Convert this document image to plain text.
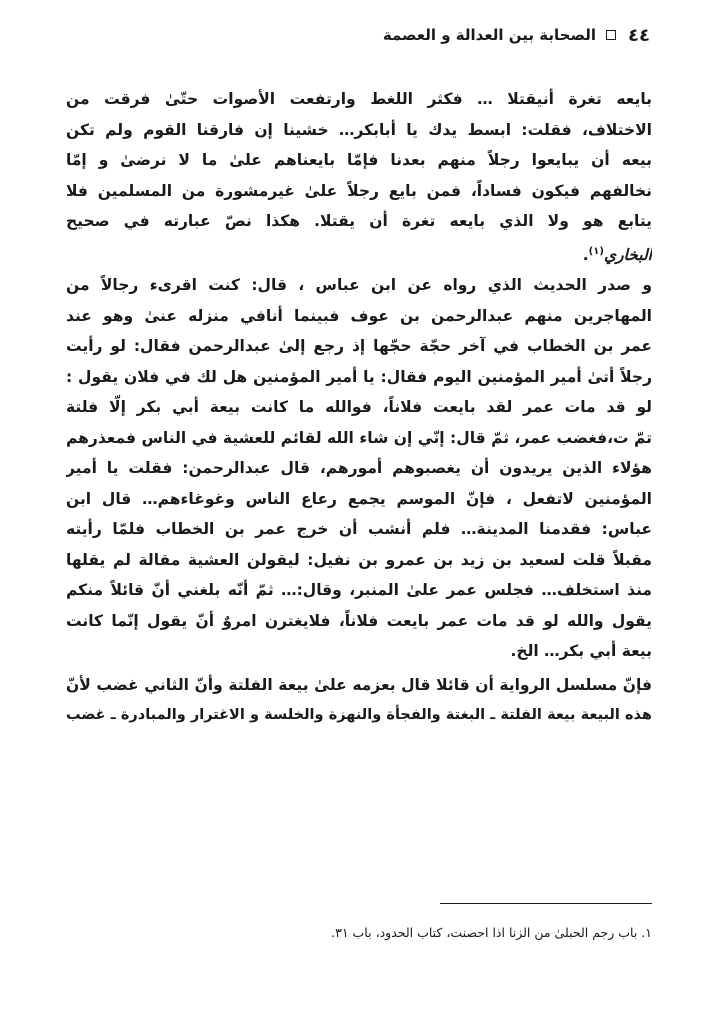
٤٤
الصحابة بين العدالة و العصمة
بايعه تغرة أنيقتلا … فكثر اللغط وارتفعت الأصوات حتّیٰ فرقت من
الاختلاف، فقلت: ابسط يدك يا أبابكر… خشينا إن فارقنا القوم ولم تكن
بيعه أن يبايعوا رجلاً منهم بعدنا فإمّا بايعناهم علیٰ ما لا نرضیٰ و إمّا
نخالفهم فيكون فساداً، فمن بايع رجلاً علیٰ غيرمشورة من المسلمين فلا
يتابع هو ولا الذي بايعه تغرة أن يقتلا. هكذا نصّ عبارته في صحيح
البخاري$^{(١)}$.
و صدر الحديث الذي رواه عن ابن عباس ، قال: كنت اقرىء رجالاً من
المهاجرين منهم عبدالرحمن بن عوف فبينما أنافي منزله عنیٰ وهو عند
عمر بن الخطاب في آخر حجّة حجّها إذ رجع إلیٰ عبدالرحمن فقال: لو رأيت
رجلاً أتیٰ أمير المؤمنين اليوم فقال: يا أمير المؤمنين هل لك في فلان يقول :
لو قد مات عمر لقد بايعت فلاناً، فوالله ما كانت بيعة أبي بكر إلّا فلتة
تمّ ت،فغضب عمر، ثمّ قال: إنّي إن شاء الله لقائم للعشية في الناس فمعذرهم
هؤلاء الذين يريدون أن يغصبوهم أمورهم، قال عبدالرحمن: فقلت يا أمير
المؤمنين لاتفعل ، فإنّ الموسم يجمع رعاع الناس وغوغاءهم… قال ابن
عباس: فقدمنا المدينة… فلم أنشب أن خرج عمر بن الخطاب فلمّا رأيته
مقبلاً قلت لسعيد بن زيد بن عمرو بن نفيل: ليقولن العشية مقالة لم يقلها
منذ استخلف… فجلس عمر علیٰ المنبر، وقال:… ثمّ أنّه بلغني أنّ قائلاً منكم
يقول والله لو قد مات عمر بايعت فلاناً، فلايغترن امروٌ أنّ يقول إنّما كانت
بيعة أبي بكر… الخ.
فإنّ مسلسل الرواية أن قائلا قال بعزمه علیٰ بيعة الفلتة وأنّ الثاني غضب لأنّ
هذه البيعة بيعة الفلتة ـ البغتة والفجأة والنهزة والخلسة و الاغترار والمبادرة ـ غضب
١. باب رجم الحبلیٰ من الزنا اذا احصنت، كتاب الحدود، باب ٣١.
